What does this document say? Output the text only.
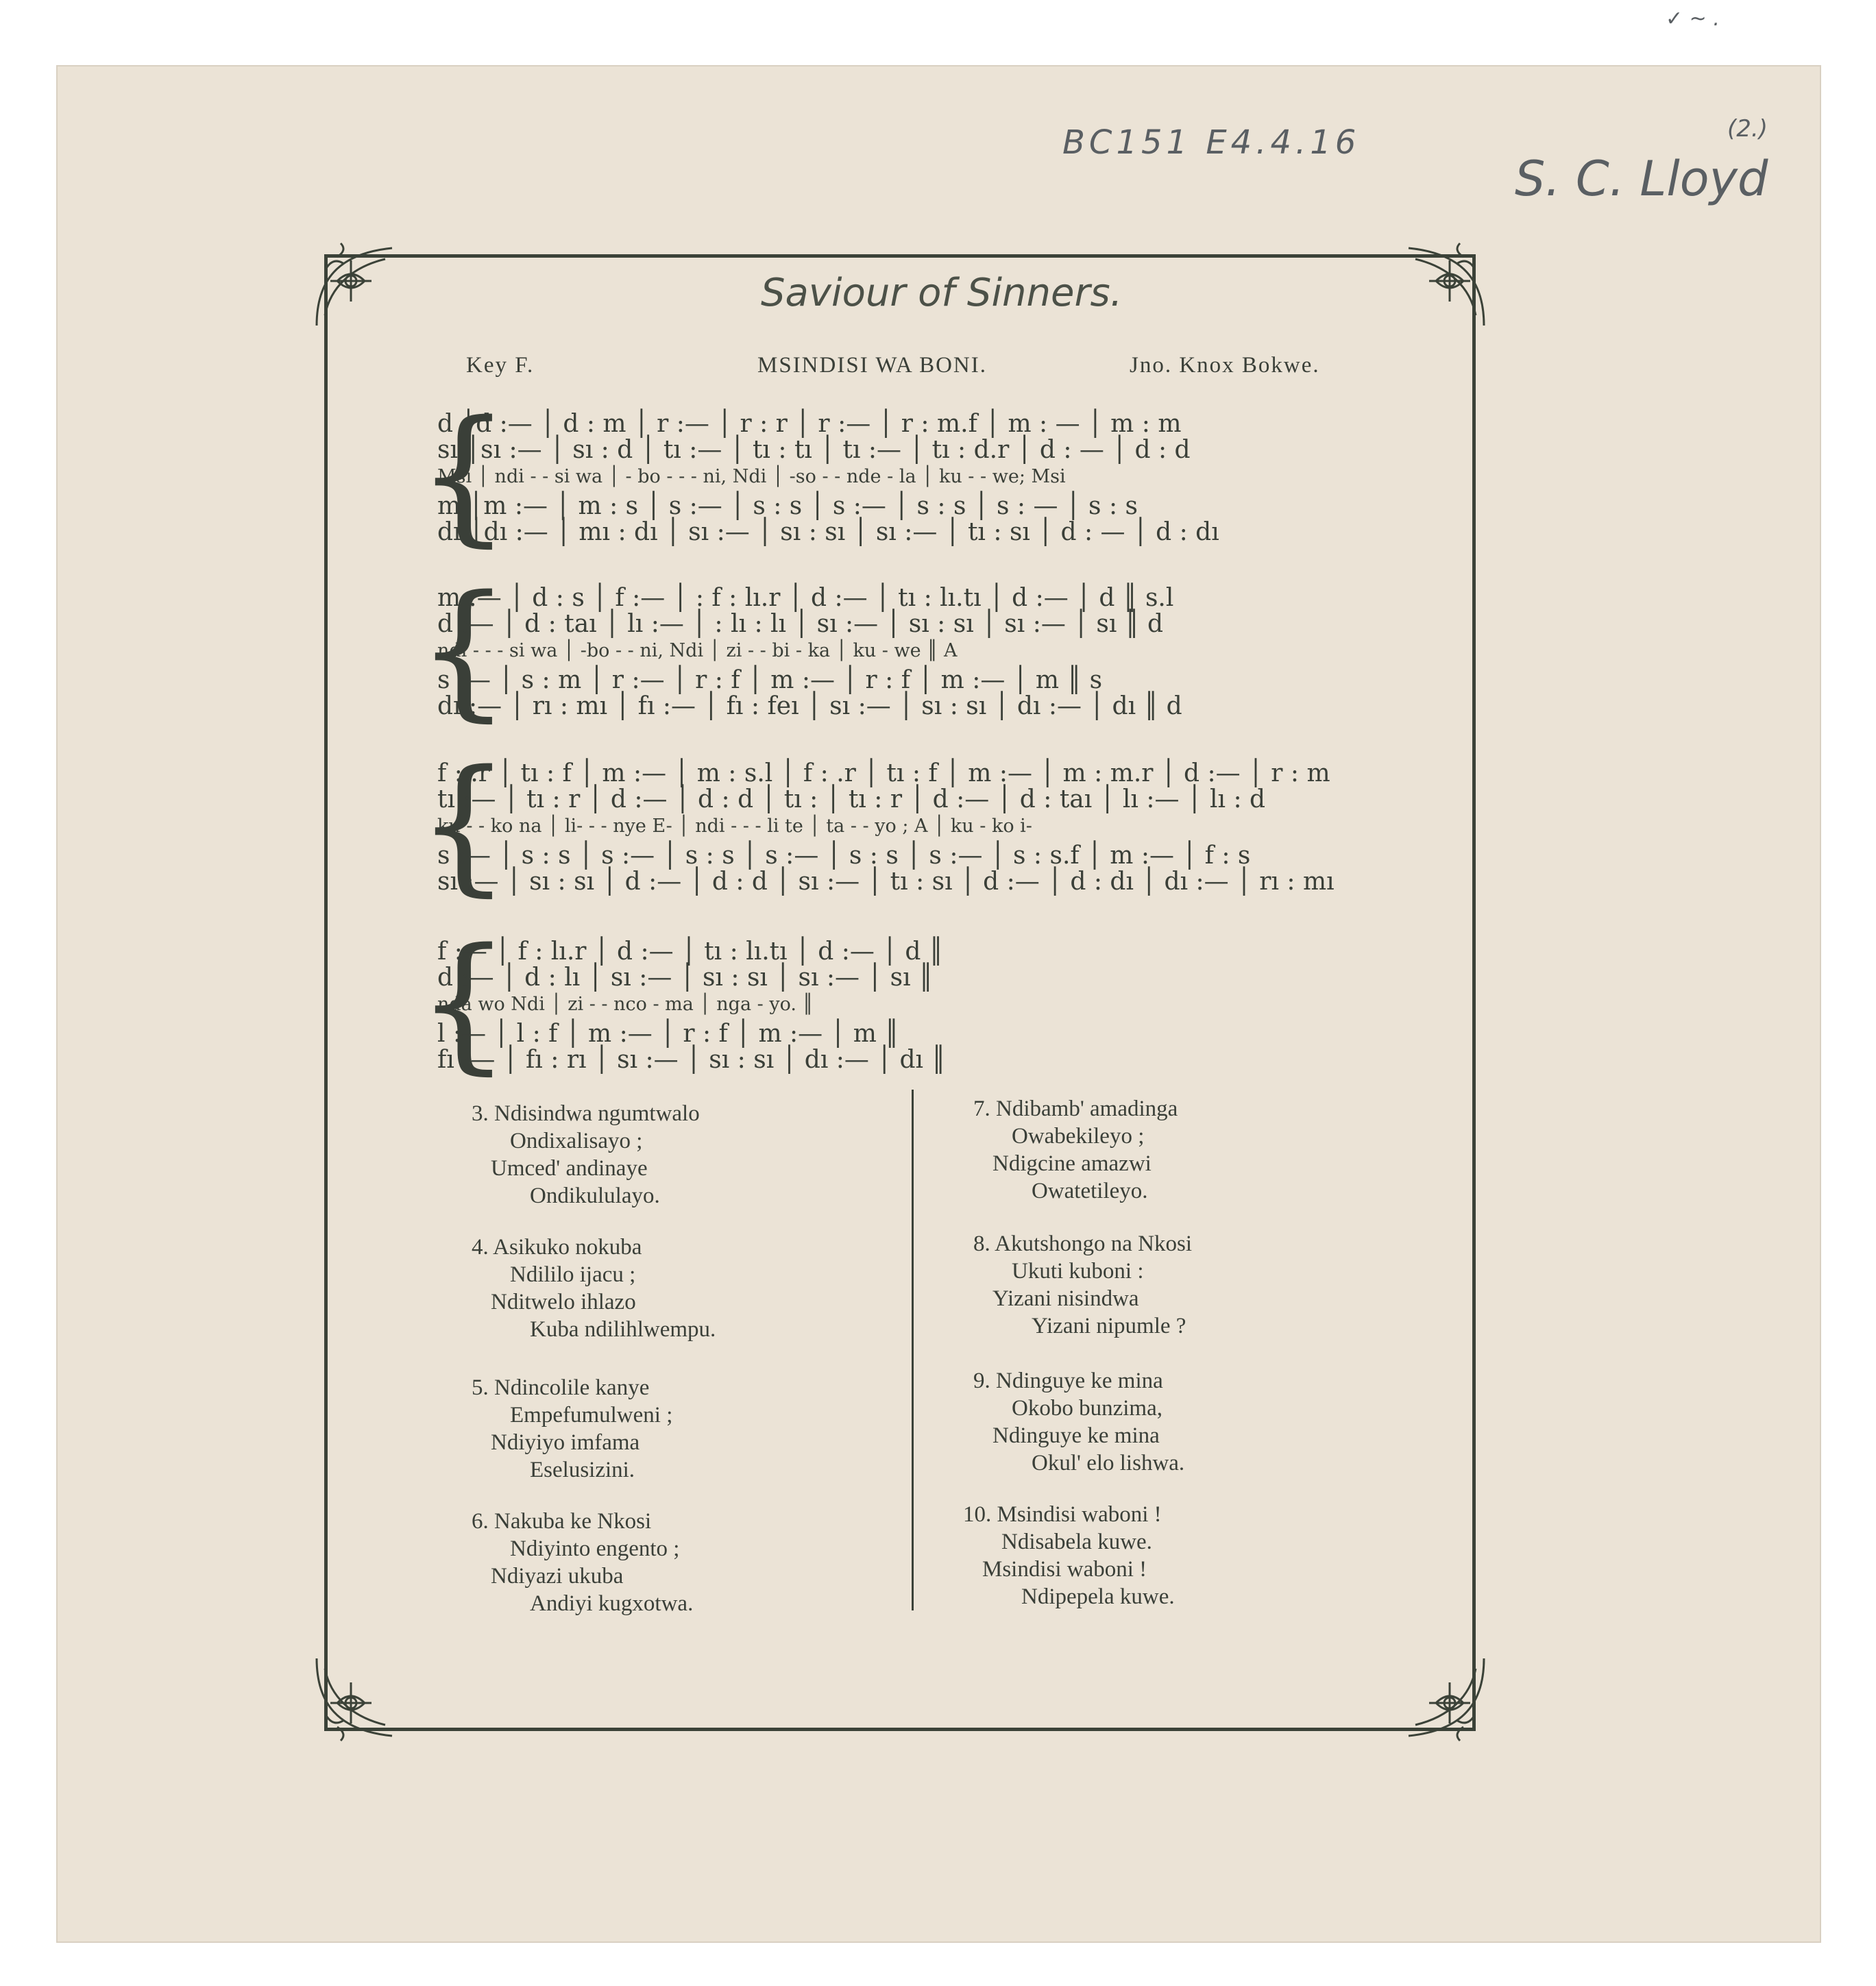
✓ ~ .
BC151 E4.4.16
S. C. Lloyd
(2.)
Saviour of Sinners.
Key F.	MSINDISI WA BONI.	Jno. Knox Bokwe.
{
d │d :— │ d : m │ r :— │ r : r │ r :— │ r : m.f │ m : — │ m : m
sı │sı :— │ sı : d │ tı :— │ tı : tı │ tı :— │ tı : d.r │ d : — │ d : d
Msi │ ndi - - si wa │ - bo - - - ni, Ndi │ -so - - nde - la │ ku - - we; Msi
m │m :— │ m : s │ s :— │ s : s │ s :— │ s : s │ s : — │ s : s
dı │dı :— │ mı : dı │ sı :— │ sı : sı │ sı :— │ tı : sı │ d : — │ d : dı
{
m :— │ d : s │ f :— │ : f : lı.r │ d :— │ tı : lı.tı │ d :— │ d ║ s.l
d :— │ d : taı │ lı :— │ : lı : lı │ sı :— │ sı : sı │ sı :— │ sı ║ d
ndi - - - si wa │ -bo - - ni, Ndi │ zi - - bi - ka │ ku - we ║ A
s :— │ s : m │ r :— │ r : f │ m :— │ r : f │ m :— │ m ║ s
dı :— │ rı : mı │ fı :— │ fı : feı │ sı :— │ sı : sı │ dı :— │ dı ║ d
{
f : .r │ tı : f │ m :— │ m : s.l │ f : .r │ tı : f │ m :— │ m : m.r │ d :— │ r : m
tı :— │ tı : r │ d :— │ d : d │ tı : │ tı : r │ d :— │ d : taı │ lı :— │ lı : d
ku - - ko na │ li- - - nye E- │ ndi - - - li te │ ta - - yo ; A │ ku - ko i-
s :— │ s : s │ s :— │ s : s │ s :— │ s : s │ s :— │ s : s.f │ m :— │ f : s
sı :— │ sı : sı │ d :— │ d : d │ sı :— │ tı : sı │ d :— │ d : dı │ dı :— │ rı : mı
{
f :— │ f : lı.r │ d :— │ tı : lı.tı │ d :— │ d ║
d :— │ d : lı │ sı :— │ sı : sı │ sı :— │ sı ║
nda wo Ndi │ zi - - nco - ma │ nga - yo. ║
l :— │ l : f │ m :— │ r : f │ m :— │ m ║
fı :— │ fı : rı │ sı :— │ sı : sı │ dı :— │ dı ║
3. Ndisindwa ngumtwalo
Ondixalisayo ;
Umced' andinaye
Ondikululayo.
4. Asikuko nokuba
Ndililo ijacu ;
Nditwelo ihlazo
Kuba ndilihlwempu.
5. Ndincolile kanye
Empefumulweni ;
Ndiyiyo imfama
Eselusizini.
6. Nakuba ke Nkosi
Ndiyinto engento ;
Ndiyazi ukuba
Andiyi kugxotwa.
7. Ndibamb' amadinga
Owabekileyo ;
Ndigcine amazwi
Owatetileyo.
8. Akutshongo na Nkosi
Ukuti kuboni :
Yizani nisindwa
Yizani nipumle ?
9. Ndinguye ke mina
Okobo bunzima,
Ndinguye ke mina
Okul' elo lishwa.
10. Msindisi waboni !
Ndisabela kuwe.
Msindisi waboni !
Ndipepela kuwe.
